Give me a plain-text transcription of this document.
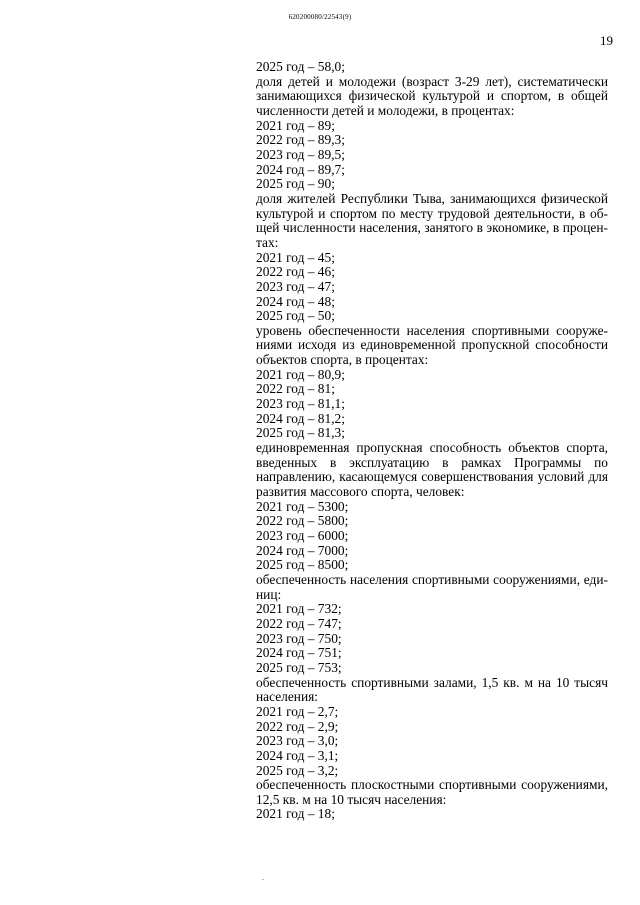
620200080/22543(9)
19

2025 год – 58,0;

доля детей и молодежи (возраст 3-29 лет), систематически занимающихся физической культурой и спортом, в общей численности детей и молодежи, в процентах:

2021 год – 89;

2022 год – 89,3;

2023 год – 89,5;

2024 год – 89,7;

2025 год – 90;

доля жителей Республики Тыва, занимающихся физической культурой и спортом по месту трудовой деятельности, в общей численности населения, занятого в экономике, в процентах:

2021 год – 45;

2022 год – 46;

2023 год – 47;

2024 год – 48;

2025 год – 50;

уровень обеспеченности населения спортивными сооружениями исходя из единовременной пропускной способности объектов спорта, в процентах:

2021 год – 80,9;

2022 год – 81;

2023 год – 81,1;

2024 год – 81,2;

2025 год – 81,3;

единовременная пропускная способность объектов спорта, введенных в эксплуатацию в рамках Программы по направлению, касающемуся совершенствования условий для развития массового спорта, человек:

2021 год – 5300;

2022 год – 5800;

2023 год – 6000;

2024 год – 7000;

2025 год – 8500;

обеспеченность населения спортивными сооружениями, единиц:

2021 год – 732;

2022 год – 747;

2023 год – 750;

2024 год – 751;

2025 год – 753;

обеспеченность спортивными залами, 1,5 кв. м на 10 тысяч населения:

2021 год – 2,7;

2022 год – 2,9;

2023 год – 3,0;

2024 год – 3,1;

2025 год – 3,2;

обеспеченность плоскостными спортивными сооружениями, 12,5 кв. м на 10 тысяч населения:

2021 год – 18;
